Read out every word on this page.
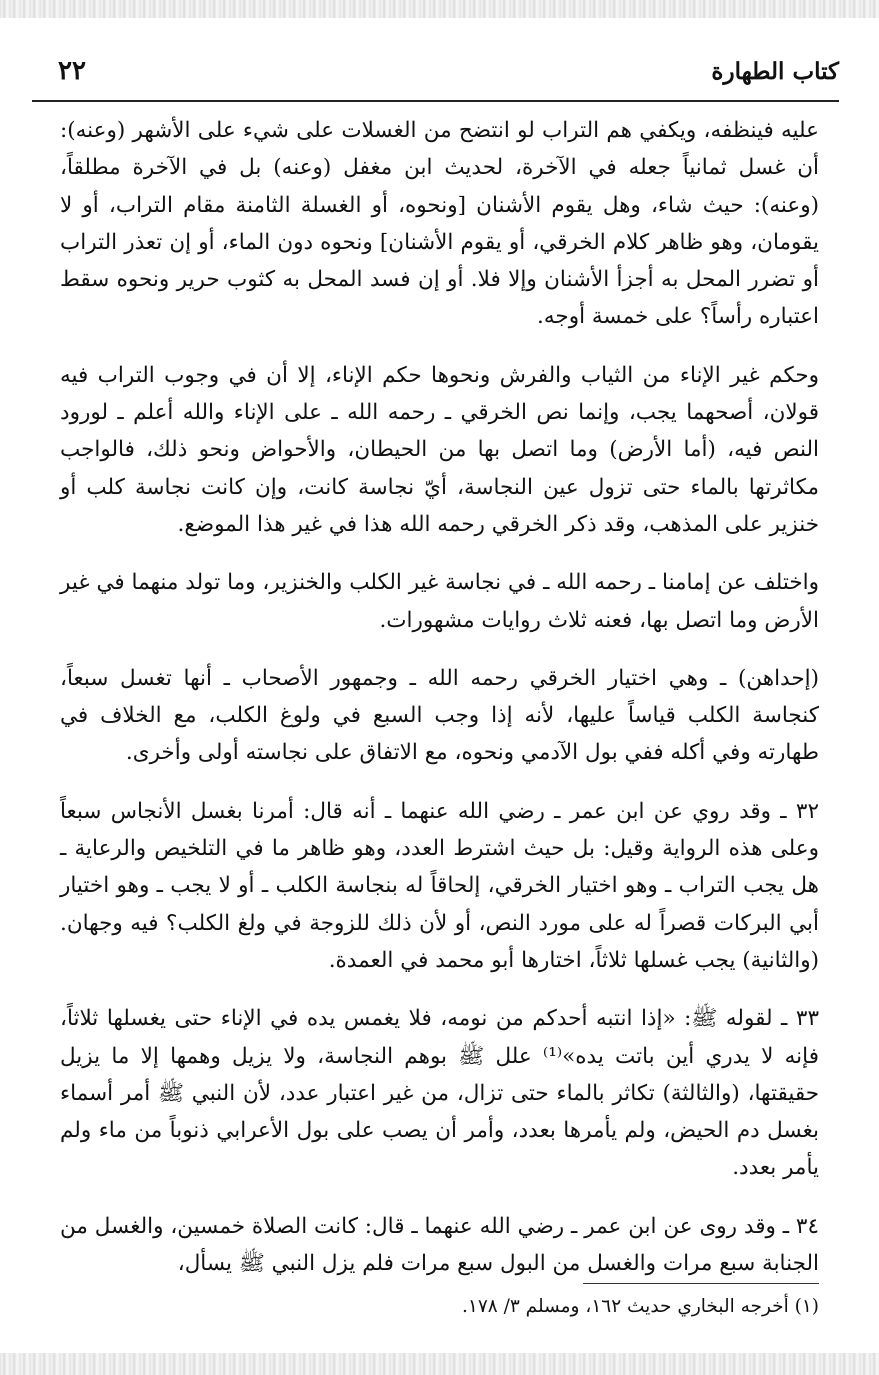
٢٢	كتاب الطهارة

عليه فينظفه، ويكفي هم التراب لو انتضح من الغسلات على شيء على الأشهر (وعنه): أن غسل ثمانياً جعله في الآخرة، لحديث ابن مغفل (وعنه) بل في الآخرة مطلقاً، (وعنه): حيث شاء، وهل يقوم الأشنان [ونحوه، أو الغسلة الثامنة مقام التراب، أو لا يقومان، وهو ظاهر كلام الخرقي، أو يقوم الأشنان] ونحوه دون الماء، أو إن تعذر التراب أو تضرر المحل به أجزأ الأشنان وإلا فلا. أو إن فسد المحل به كثوب حرير ونحوه سقط اعتباره رأساً؟ على خمسة أوجه.

وحكم غير الإناء من الثياب والفرش ونحوها حكم الإناء، إلا أن في وجوب التراب فيه قولان، أصحهما يجب، وإنما نص الخرقي ـ رحمه الله ـ على الإناء والله أعلم ـ لورود النص فيه، (أما الأرض) وما اتصل بها من الحيطان، والأحواض ونحو ذلك، فالواجب مكاثرتها بالماء حتى تزول عين النجاسة، أيّ نجاسة كانت، وإن كانت نجاسة كلب أو خنزير على المذهب، وقد ذكر الخرقي رحمه الله هذا في غير هذا الموضع.

واختلف عن إمامنا ـ رحمه الله ـ في نجاسة غير الكلب والخنزير، وما تولد منهما في غير الأرض وما اتصل بها، فعنه ثلاث روايات مشهورات.

(إحداهن) ـ وهي اختيار الخرقي رحمه الله ـ وجمهور الأصحاب ـ أنها تغسل سبعاً، كنجاسة الكلب قياساً عليها، لأنه إذا وجب السبع في ولوغ الكلب، مع الخلاف في طهارته وفي أكله ففي بول الآدمي ونحوه، مع الاتفاق على نجاسته أولى وأخرى.

٣٢ ـ وقد روي عن ابن عمر ـ رضي الله عنهما ـ أنه قال: أمرنا بغسل الأنجاس سبعاً وعلى هذه الرواية وقيل: بل حيث اشترط العدد، وهو ظاهر ما في التلخيص والرعاية ـ هل يجب التراب ـ وهو اختيار الخرقي، إلحاقاً له بنجاسة الكلب ـ أو لا يجب ـ وهو اختيار أبي البركات قصراً له على مورد النص، أو لأن ذلك للزوجة في ولغ الكلب؟ فيه وجهان. (والثانية) يجب غسلها ثلاثاً، اختارها أبو محمد في العمدة.

٣٣ ـ لقوله ﷺ: «إذا انتبه أحدكم من نومه، فلا يغمس يده في الإناء حتى يغسلها ثلاثاً، فإنه لا يدري أين باتت يده»⁽¹⁾ علل ﷺ بوهم النجاسة، ولا يزيل وهمها إلا ما يزيل حقيقتها، (والثالثة) تكاثر بالماء حتى تزال، من غير اعتبار عدد، لأن النبي ﷺ أمر أسماء بغسل دم الحيض، ولم يأمرها بعدد، وأمر أن يصب على بول الأعرابي ذنوباً من ماء ولم يأمر بعدد.

٣٤ ـ وقد روى عن ابن عمر ـ رضي الله عنهما ـ قال: كانت الصلاة خمسين، والغسل من الجنابة سبع مرات والغسل من البول سبع مرات فلم يزل النبي ﷺ يسأل،

(١) أخرجه البخاري حديث ١٦٢، ومسلم ٣/ ١٧٨.
